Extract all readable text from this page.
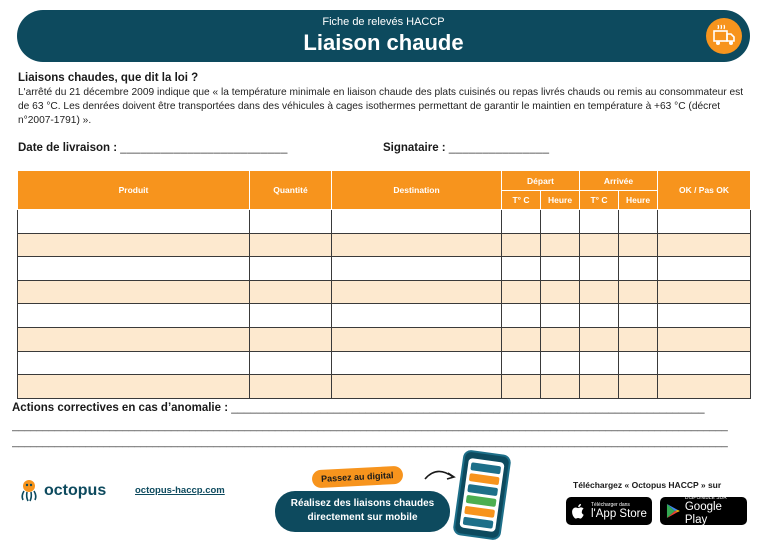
Fiche de relevés HACCP
Liaison chaude
Liaisons chaudes, que dit la loi ?

L'arrêté du 21 décembre 2009 indique que « la température minimale en liaison chaude des plats cuisinés ou repas livrés chauds ou remis au consommateur est de 63 °C. Les denrées doivent être transportées dans des véhicules à cages isothermes permettant de garantir le maintien en température à +63 °C (décret n°2007-1791) ».

Date de livraison : _________________________	Signataire : _______________
Produit	Quantité	Destination	Départ		Arrivée		OK / Pas OK
			T° C	Heure	T° C	Heure	

Actions correctives en cas d’anomalie : __________________________________________________________________________
_____________________________________________________________________________________________________________________
_____________________________________________________________________________________________________________________
octopus	octopus-haccp.com
Réalisez des liaisons chaudes
directement sur mobile
Passez au digital
Téléchargez « Octopus HACCP » sur
Télécharger dans
l'App Store
DISPONIBLE SUR
Google Play
